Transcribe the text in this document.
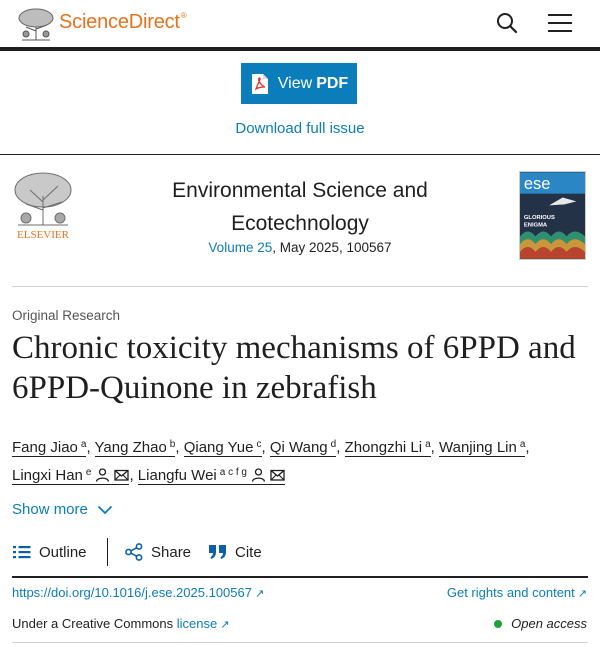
ScienceDirect®
View PDF
Download full issue
ELSEVIER
Environmental Science and
Ecotechnology
Volume 25, May 2025, 100567
ese
GLORIOUS
ENIGMA
Original Research
Chronic toxicity mechanisms of 6PPD and 6PPD-Quinone in zebrafish
Fang Jiao $^a$, Yang Zhao $^b$, Qiang Yue $^c$, Qi Wang $^d$, Zhongzhi Li $^a$, Wanjing Lin $^a$, Lingxi Han $^e$	, Liangfu Wei $^{a c f g}$
Show more
Outline	Share	Cite
https://doi.org/10.1016/j.ese.2025.100567 ↗	Get rights and content ↗
Under a Creative Commons license ↗	Open access
